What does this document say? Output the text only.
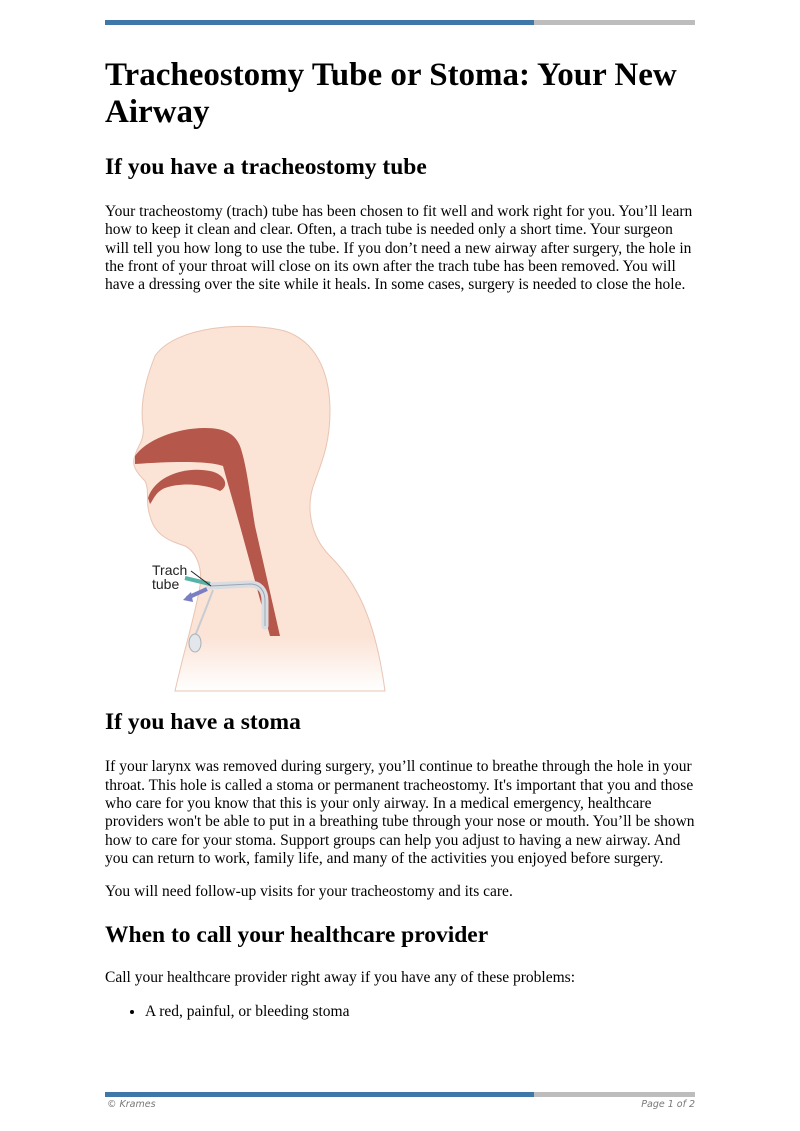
Tracheostomy Tube or Stoma: Your New Airway
If you have a tracheostomy tube

Your tracheostomy (trach) tube has been chosen to fit well and work right for you. You’ll learn how to keep it clean and clear. Often, a trach tube is needed only a short time. Your surgeon will tell you how long to use the tube. If you don’t need a new airway after surgery, the hole in the front of your throat will close on its own after the trach tube has been removed. You will have a dressing over the site while it heals. In some cases, surgery is needed to close the hole.

Trach
tube
If you have a stoma

If your larynx was removed during surgery, you’ll continue to breathe through the hole in your throat. This hole is called a stoma or permanent tracheostomy. It's important that you and those who care for you know that this is your only airway. In a medical emergency, healthcare providers won't be able to put in a breathing tube through your nose or mouth. You’ll be shown how to care for your stoma. Support groups can help you adjust to having a new airway. And you can return to work, family life, and many of the activities you enjoyed before surgery.

You will need follow-up visits for your tracheostomy and its care.

When to call your healthcare provider

Call your healthcare provider right away if you have any of these problems:

• A red, painful, or bleeding stoma
© Krames	Page 1 of 2
